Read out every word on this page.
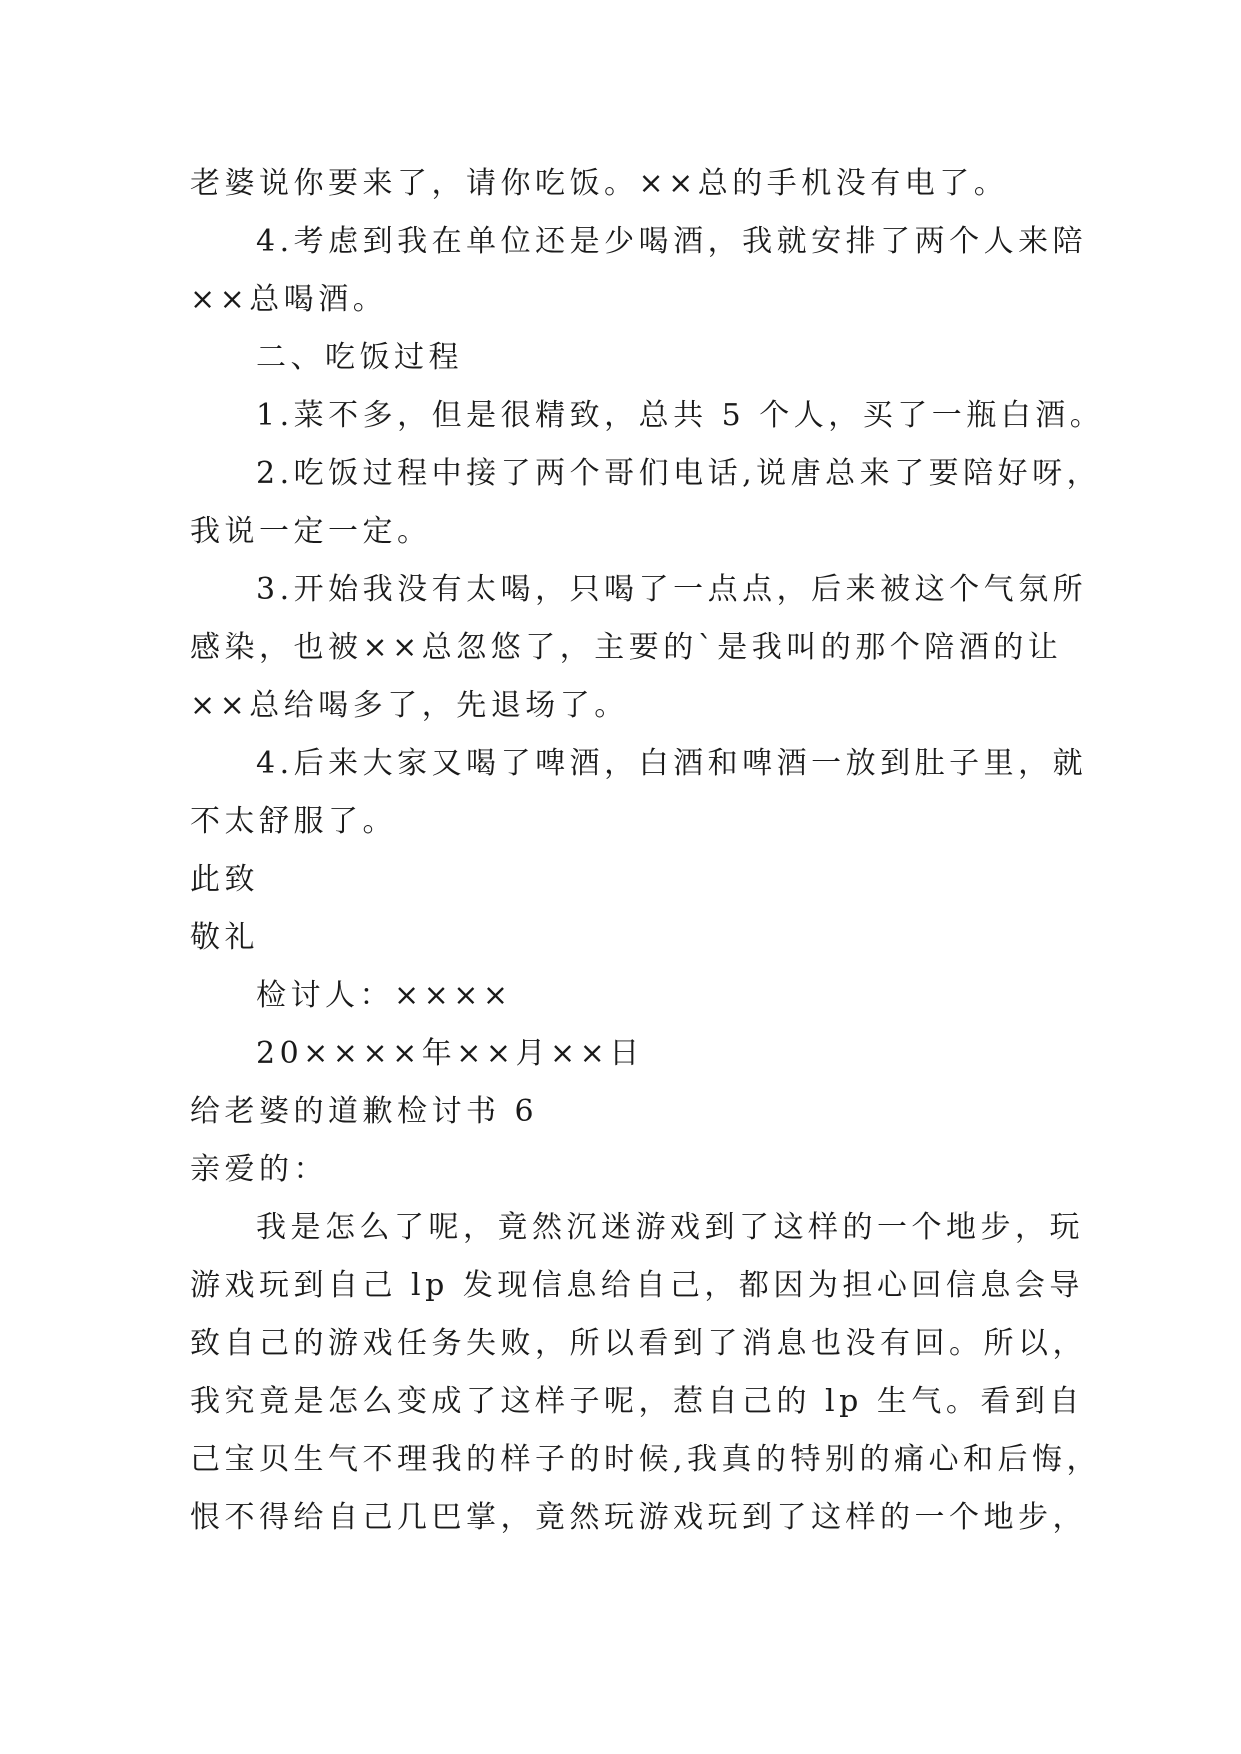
老婆说你要来了，请你吃饭。××总的手机没有电了。
4.考虑到我在单位还是少喝酒，我就安排了两个人来陪
××总喝酒。
二、吃饭过程
1.菜不多，但是很精致，总共 5 个人，买了一瓶白酒。
2.吃饭过程中接了两个哥们电话,说唐总来了要陪好呀，
我说一定一定。
3.开始我没有太喝，只喝了一点点，后来被这个气氛所
感染，也被××总忽悠了，主要的`是我叫的那个陪酒的让
××总给喝多了，先退场了。
4.后来大家又喝了啤酒，白酒和啤酒一放到肚子里，就
不太舒服了。
此致
敬礼
检讨人：××××
20××××年××月××日
给老婆的道歉检讨书 6
亲爱的：
我是怎么了呢，竟然沉迷游戏到了这样的一个地步，玩
游戏玩到自己 lp 发现信息给自己，都因为担心回信息会导
致自己的游戏任务失败，所以看到了消息也没有回。所以，
我究竟是怎么变成了这样子呢，惹自己的 lp 生气。看到自
己宝贝生气不理我的样子的时候,我真的特别的痛心和后悔，
恨不得给自己几巴掌，竟然玩游戏玩到了这样的一个地步，
